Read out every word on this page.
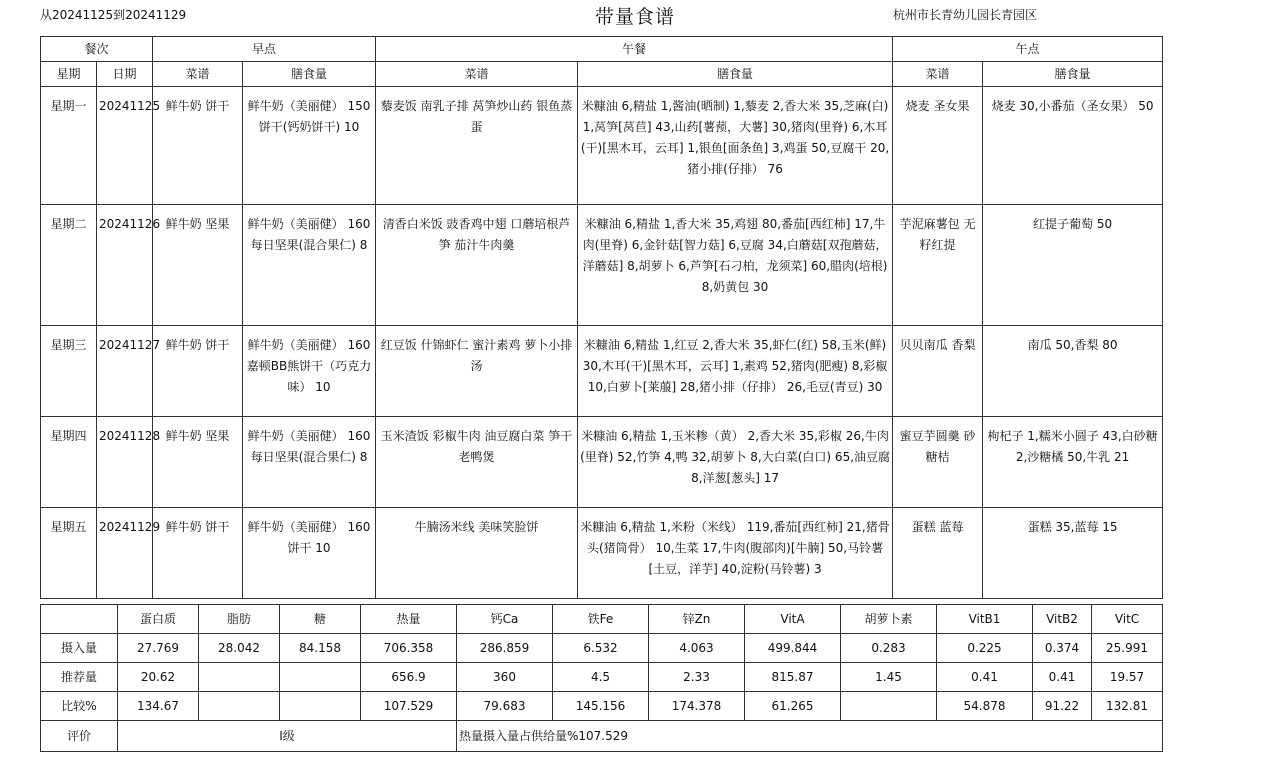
从20241125到20241129	带量食谱	杭州市长青幼儿园长青园区
餐次		早点		午餐		午点	
星期	日期	菜谱	膳食量	菜谱	膳食量	菜谱	膳食量
星期一	20241125	鲜牛奶 饼干	鲜牛奶（美丽健） 150 饼干(钙奶饼干) 10	藜麦饭 南乳子排 莴笋炒山药 银鱼蒸蛋	米糠油 6,精盐 1,酱油(晒制) 1,藜麦 2,香大米 35,芝麻(白) 1,莴笋[莴苣] 43,山药[薯蓣，大薯] 30,猪肉(里脊) 6,木耳(干)[黑木耳，云耳] 1,银鱼[面条鱼] 3,鸡蛋 50,豆腐干 20,猪小排(仔排） 76	烧麦 圣女果	烧麦 30,小番茄（圣女果） 50
星期二	20241126	鲜牛奶 坚果	鲜牛奶（美丽健） 160 每日坚果(混合果仁) 8	清香白米饭 豉香鸡中翅 口蘑培根芦笋 茄汁牛肉羹	米糠油 6,精盐 1,香大米 35,鸡翅 80,番茄[西红柿] 17,牛肉(里脊) 6,金针菇[智力菇] 6,豆腐 34,白蘑菇[双孢蘑菇，洋蘑菇] 8,胡萝卜 6,芦笋[石刁柏，龙须菜] 60,腊肉(培根) 8,奶黄包 30	芋泥麻薯包 无籽红提	红提子葡萄 50
星期三	20241127	鲜牛奶 饼干	鲜牛奶（美丽健） 160 嘉顿BB熊饼干（巧克力味） 10	红豆饭 什锦虾仁 蜜汁素鸡 萝卜小排汤	米糠油 6,精盐 1,红豆 2,香大米 35,虾仁(红) 58,玉米(鲜) 30,木耳(干)[黑木耳，云耳] 1,素鸡 52,猪肉(肥瘦) 8,彩椒 10,白萝卜[莱菔] 28,猪小排（仔排） 26,毛豆(青豆) 30	贝贝南瓜 香梨	南瓜 50,香梨 80
星期四	20241128	鲜牛奶 坚果	鲜牛奶（美丽健） 160 每日坚果(混合果仁) 8	玉米渣饭 彩椒牛肉 油豆腐白菜 笋干老鸭煲	米糠油 6,精盐 1,玉米糁（黄） 2,香大米 35,彩椒 26,牛肉(里脊) 52,竹笋 4,鸭 32,胡萝卜 8,大白菜(白口) 65,油豆腐 8,洋葱[葱头] 17	蜜豆芋圆羹 砂糖桔	枸杞子 1,糯米小圆子 43,白砂糖 2,沙糖橘 50,牛乳 21
星期五	20241129	鲜牛奶 饼干	鲜牛奶（美丽健） 160 饼干 10	牛腩汤米线 美味笑脸饼	米糠油 6,精盐 1,米粉（米线） 119,番茄[西红柿] 21,猪骨头(猪筒骨） 10,生菜 17,牛肉(腹部肉)[牛腩] 50,马铃薯[土豆，洋芋] 40,淀粉(马铃薯) 3	蛋糕 蓝莓	蛋糕 35,蓝莓 15
	蛋白质	脂肪	糖	热量	钙Ca	铁Fe	锌Zn	VitA	胡萝卜素	VitB1	VitB2	VitC
摄入量	27.769	28.042	84.158	706.358	286.859	6.532	4.063	499.844	0.283	0.225	0.374	25.991
推荐量	20.62			656.9	360	4.5	2.33	815.87	1.45	0.41	0.41	19.57
比较%	134.67			107.529	79.683	145.156	174.378	61.265		54.878	91.22	132.81
评价	I级				热量摄入量占供给量%107.529							
